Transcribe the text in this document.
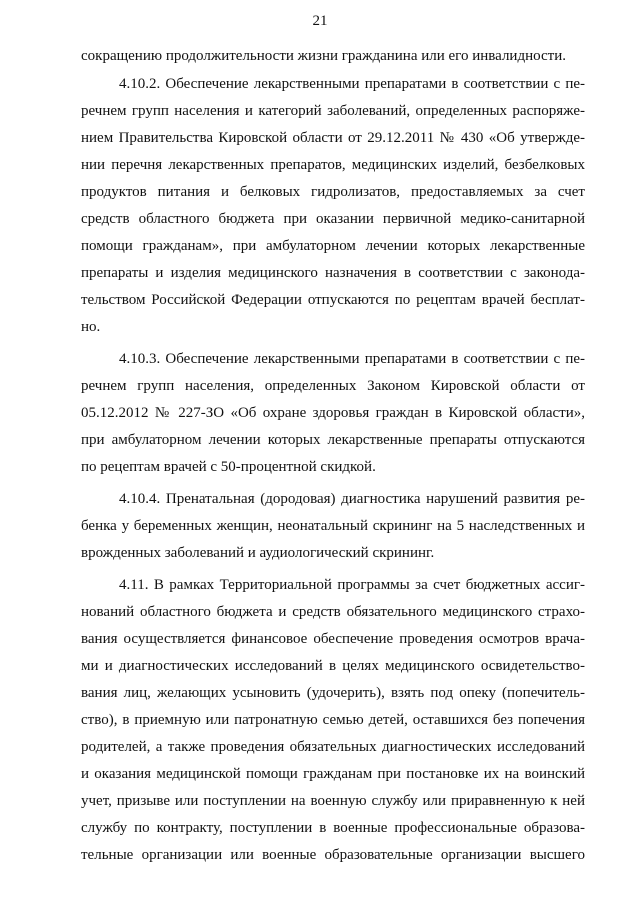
21
сокращению продолжительности жизни гражданина или его инвалидности.
4.10.2. Обеспечение лекарственными препаратами в соответствии с пе-
речнем групп населения и категорий заболеваний, определенных распоряже-
нием Правительства Кировской области от 29.12.2011 № 430 «Об утвержде-
нии перечня лекарственных препаратов, медицинских изделий, безбелковых
продуктов питания и белковых гидролизатов, предоставляемых за счет
средств областного бюджета при оказании первичной медико-санитарной
помощи гражданам», при амбулаторном лечении которых лекарственные
препараты и изделия медицинского назначения в соответствии с законода-
тельством Российской Федерации отпускаются по рецептам врачей бесплат-
но.
4.10.3. Обеспечение лекарственными препаратами в соответствии с пе-
речнем групп населения, определенных Законом Кировской области от
05.12.2012 № 227-ЗО «Об охране здоровья граждан в Кировской области»,
при амбулаторном лечении которых лекарственные препараты отпускаются
по рецептам врачей с 50-процентной скидкой.
4.10.4. Пренатальная (дородовая) диагностика нарушений развития ре-
бенка у беременных женщин, неонатальный скрининг на 5 наследственных и
врожденных заболеваний и аудиологический скрининг.
4.11. В рамках Территориальной программы за счет бюджетных ассиг-
нований областного бюджета и средств обязательного медицинского страхо-
вания осуществляется финансовое обеспечение проведения осмотров врача-
ми и диагностических исследований в целях медицинского освидетельство-
вания лиц, желающих усыновить (удочерить), взять под опеку (попечитель-
ство), в приемную или патронатную семью детей, оставшихся без попечения
родителей, а также проведения обязательных диагностических исследований
и оказания медицинской помощи гражданам при постановке их на воинский
учет, призыве или поступлении на военную службу или приравненную к ней
службу по контракту, поступлении в военные профессиональные образова-
тельные организации или военные образовательные организации высшего
